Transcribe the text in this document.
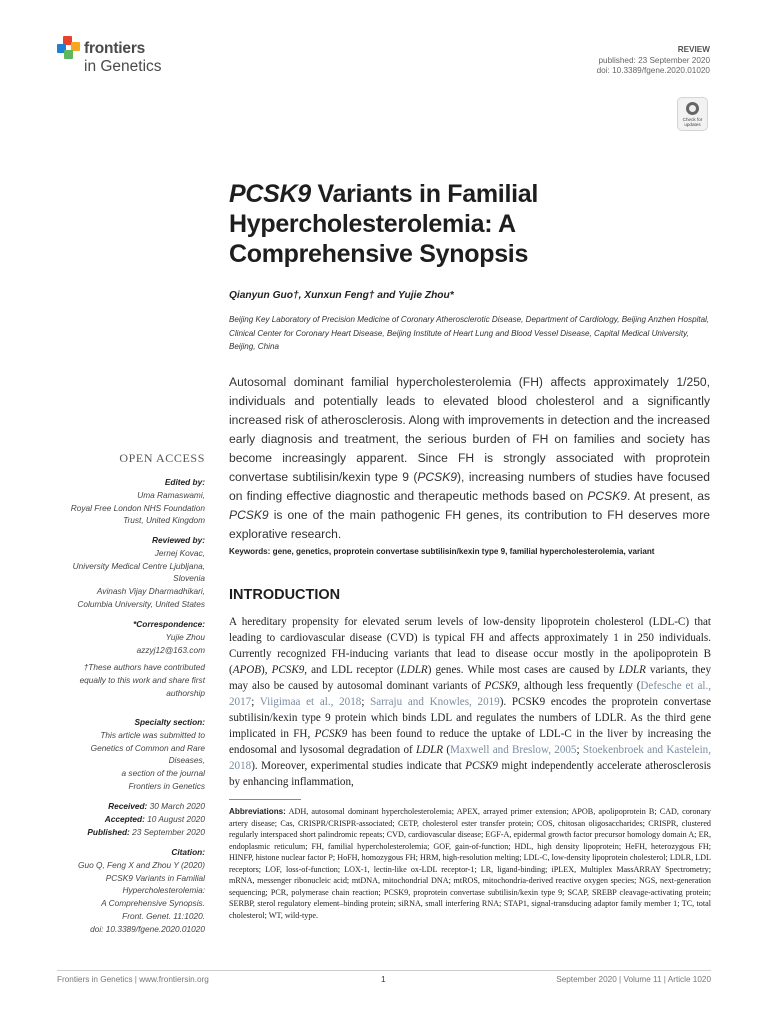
frontiers
in Genetics
REVIEW
published: 23 September 2020
doi: 10.3389/fgene.2020.01020
Check for updates
PCSK9 Variants in Familial
Hypercholesterolemia: A
Comprehensive Synopsis
Qianyun Guo†, Xunxun Feng† and Yujie Zhou*
Beijing Key Laboratory of Precision Medicine of Coronary Atherosclerotic Disease, Department of Cardiology, Beijing Anzhen Hospital, Clinical Center for Coronary Heart Disease, Beijing Institute of Heart Lung and Blood Vessel Disease, Capital Medical University, Beijing, China
Autosomal dominant familial hypercholesterolemia (FH) affects approximately 1/250, individuals and potentially leads to elevated blood cholesterol and a significantly increased risk of atherosclerosis. Along with improvements in detection and the increased early diagnosis and treatment, the serious burden of FH on families and society has become increasingly apparent. Since FH is strongly associated with proprotein convertase subtilisin/kexin type 9 (PCSK9), increasing numbers of studies have focused on finding effective diagnostic and therapeutic methods based on PCSK9. At present, as PCSK9 is one of the main pathogenic FH genes, its contribution to FH deserves more explorative research.
Keywords: gene, genetics, proprotein convertase subtilisin/kexin type 9, familial hypercholesterolemia, variant
OPEN ACCESS
Edited by:
Uma Ramaswami,
Royal Free London NHS Foundation
Trust, United Kingdom
Reviewed by:
Jernej Kovac,
University Medical Centre Ljubljana,
Slovenia
Avinash Vijay Dharmadhikari,
Columbia University, United States
*Correspondence:
Yujie Zhou
azzyj12@163.com
†These authors have contributed
equally to this work and share first
authorship
Specialty section:
This article was submitted to
Genetics of Common and Rare
Diseases,
a section of the journal
Frontiers in Genetics
Received: 30 March 2020
Accepted: 10 August 2020
Published: 23 September 2020
Citation:
Guo Q, Feng X and Zhou Y (2020)
PCSK9 Variants in Familial
Hypercholesterolemia:
A Comprehensive Synopsis.
Front. Genet. 11:1020.
doi: 10.3389/fgene.2020.01020
INTRODUCTION
A hereditary propensity for elevated serum levels of low-density lipoprotein cholesterol (LDL-C) that leading to cardiovascular disease (CVD) is typical FH and affects approximately 1 in 250 individuals. Currently recognized FH-inducing variants that lead to disease occur mostly in the apolipoprotein B (APOB), PCSK9, and LDL receptor (LDLR) genes. While most cases are caused by LDLR variants, they may also be caused by autosomal dominant variants of PCSK9, although less frequently (Defesche et al., 2017; Viigimaa et al., 2018; Sarraju and Knowles, 2019). PCSK9 encodes the proprotein convertase subtilisin/kexin type 9 protein which binds LDL and regulates the numbers of LDLR. As the third gene implicated in FH, PCSK9 has been found to reduce the uptake of LDL-C in the liver by increasing the endosomal and lysosomal degradation of LDLR (Maxwell and Breslow, 2005; Stoekenbroek and Kastelein, 2018). Moreover, experimental studies indicate that PCSK9 might independently accelerate atherosclerosis by enhancing inflammation,
Abbreviations: ADH, autosomal dominant hypercholesterolemia; APEX, arrayed primer extension; APOB, apolipoprotein B; CAD, coronary artery disease; Cas, CRISPR/CRISPR-associated; CETP, cholesterol ester transfer protein; COS, chitosan oligosaccharides; CRISPR, clustered regularly interspaced short palindromic repeats; CVD, cardiovascular disease; EGF-A, epidermal growth factor precursor homology domain A; ER, endoplasmic reticulum; FH, familial hypercholesterolemia; GOF, gain-of-function; HDL, high density lipoprotein; HeFH, heterozygous FH; HINFP, histone nuclear factor P; HoFH, homozygous FH; HRM, high-resolution melting; LDL-C, low-density lipoprotein cholesterol; LDLR, LDL receptors; LOF, loss-of-function; LOX-1, lectin-like ox-LDL receptor-1; LR, ligand-binding; iPLEX, Multiplex MassARRAY Spectrometry; mRNA, messenger ribonucleic acid; mtDNA, mitochondrial DNA; mtROS, mitochondria-derived reactive oxygen species; NGS, next-generation sequencing; PCR, polymerase chain reaction; PCSK9, proprotein convertase subtilisin/kexin type 9; SCAP, SREBP cleavage-activating protein; SERBP, sterol regulatory element–binding protein; siRNA, small interfering RNA; STAP1, signal-transducing adaptor family member 1; TC, total cholesterol; WT, wild-type.
Frontiers in Genetics | www.frontiersin.org	1	September 2020 | Volume 11 | Article 1020
